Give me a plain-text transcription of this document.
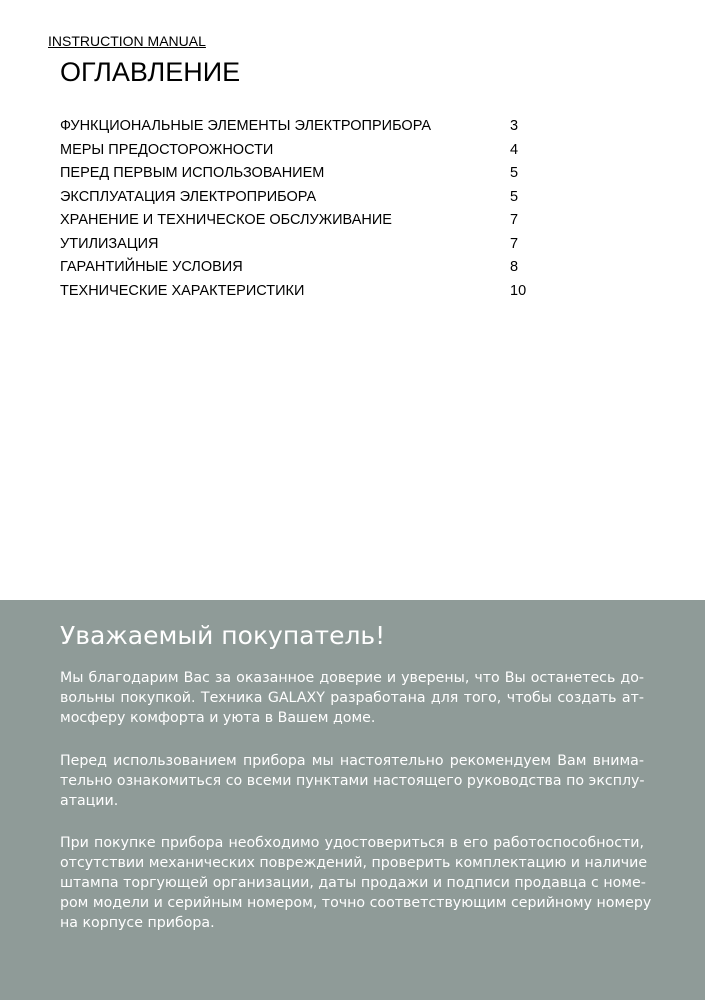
INSTRUCTION MANUAL
ОГЛАВЛЕНИЕ
ФУНКЦИОНАЛЬНЫЕ ЭЛЕМЕНТЫ ЭЛЕКТРОПРИБОРА	3
МЕРЫ ПРЕДОСТОРОЖНОСТИ	4
ПЕРЕД ПЕРВЫМ ИСПОЛЬЗОВАНИЕМ	5
ЭКСПЛУАТАЦИЯ ЭЛЕКТРОПРИБОРА	5
ХРАНЕНИЕ И ТЕХНИЧЕСКОЕ ОБСЛУЖИВАНИЕ	7
УТИЛИЗАЦИЯ	7
ГАРАНТИЙНЫЕ УСЛОВИЯ	8
ТЕХНИЧЕСКИЕ ХАРАКТЕРИСТИКИ	10
Уважаемый покупатель!

Мы благодарим Вас за оказанное доверие и уверены, что Вы останетесь до-
вольны покупкой. Техника GALAXY разработана для того, чтобы создать ат-
мосферу комфорта и уюта в Вашем доме.

Перед использованием прибора мы настоятельно рекомендуем Вам внима-
тельно ознакомиться со всеми пунктами настоящего руководства по эксплу-
атации.

При покупке прибора необходимо удостовериться в его работоспособности,
отсутствии механических повреждений, проверить комплектацию и наличие
штампа торгующей организации, даты продажи и подписи продавца с номе-
ром модели и серийным номером, точно соответствующим серийному номеру
на корпусе прибора.
